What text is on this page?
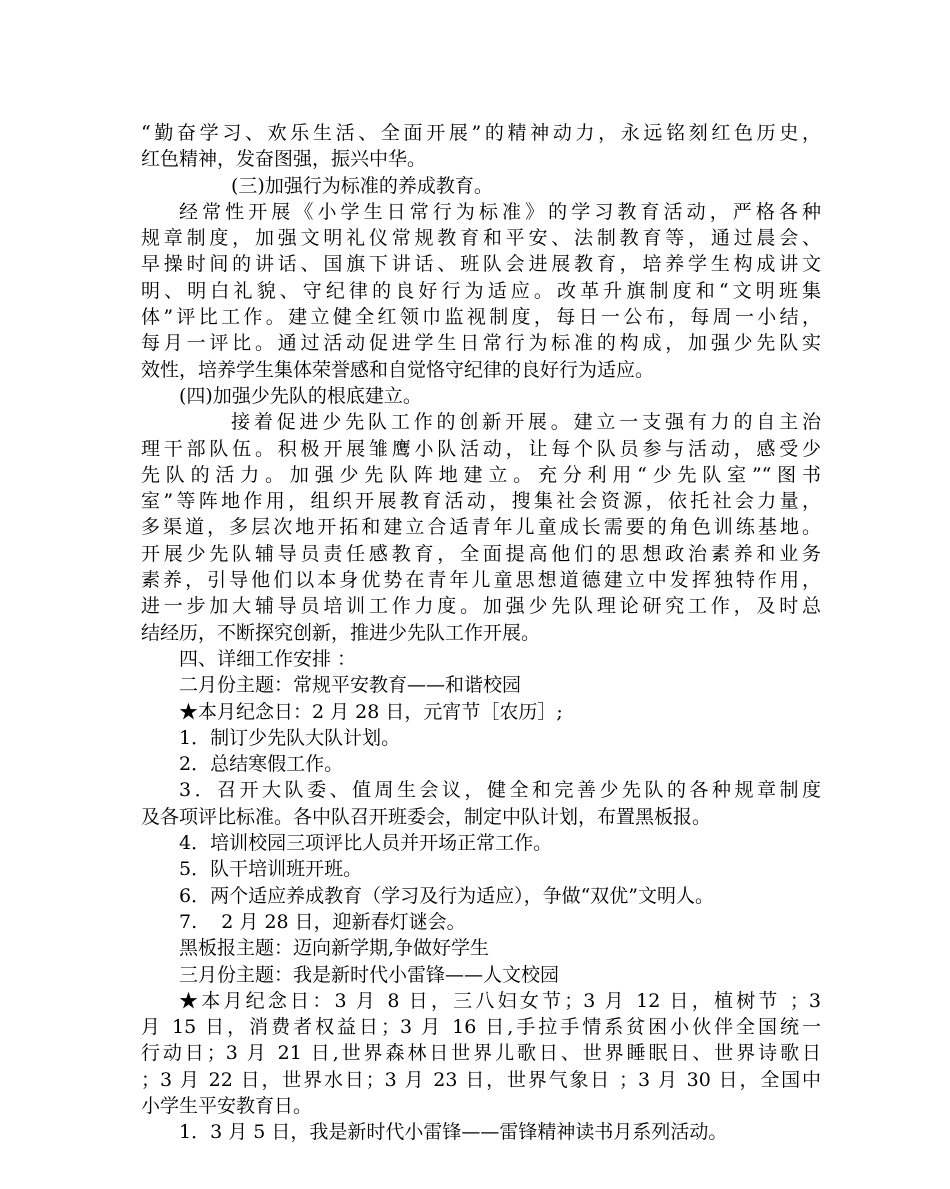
“勤奋学习、欢乐生活、全面开展”的精神动力，永远铭刻红色历史，
红色精神，发奋图强，振兴中华。
(三)加强行为标准的养成教育。
经常性开展《小学生日常行为标准》的学习教育活动，严格各种
规章制度，加强文明礼仪常规教育和平安、法制教育等，通过晨会、
早操时间的讲话、国旗下讲话、班队会进展教育，培养学生构成讲文
明、明白礼貌、守纪律的良好行为适应。改革升旗制度和“文明班集
体”评比工作。建立健全红领巾监视制度，每日一公布，每周一小结，
每月一评比。通过活动促进学生日常行为标准的构成，加强少先队实
效性，培养学生集体荣誉感和自觉恪守纪律的良好行为适应。
(四)加强少先队的根底建立。
接着促进少先队工作的创新开展。建立一支强有力的自主治
理干部队伍。积极开展雏鹰小队活动，让每个队员参与活动，感受少
先队的活力。加强少先队阵地建立。充分利用“少先队室”“图书
室”等阵地作用，组织开展教育活动，搜集社会资源，依托社会力量，
多渠道，多层次地开拓和建立合适青年儿童成长需要的角色训练基地。
开展少先队辅导员责任感教育，全面提高他们的思想政治素养和业务
素养，引导他们以本身优势在青年儿童思想道德建立中发挥独特作用，
进一步加大辅导员培训工作力度。加强少先队理论研究工作，及时总
结经历，不断探究创新，推进少先队工作开展。
四、详细工作安排 ：
二月份主题：常规平安教育——和谐校园
★本月纪念日：2 月 28 日，元宵节［农历］;
1．制订少先队大队计划。
2．总结寒假工作。
3．召开大队委、值周生会议，健全和完善少先队的各种规章制度
及各项评比标准。各中队召开班委会，制定中队计划，布置黑板报。
4．培训校园三项评比人员并开场正常工作。
5．队干培训班开班。
6．两个适应养成教育（学习及行为适应），争做“双优”文明人。
7.    2 月 28 日，迎新春灯谜会。
黑板报主题：迈向新学期,争做好学生
三月份主题：我是新时代小雷锋——人文校园
★本月纪念日：3 月 8 日，三八妇女节；3 月 12 日，植树节 ；3
月 15 日，消费者权益日；3 月 16 日,手拉手情系贫困小伙伴全国统一
行动日；3 月 21 日,世界森林日世界儿歌日、世界睡眠日、世界诗歌日
；3 月 22 日，世界水日；3 月 23 日，世界气象日 ；3 月 30 日，全国中
小学生平安教育日。
1．3 月 5 日，我是新时代小雷锋——雷锋精神读书月系列活动。
